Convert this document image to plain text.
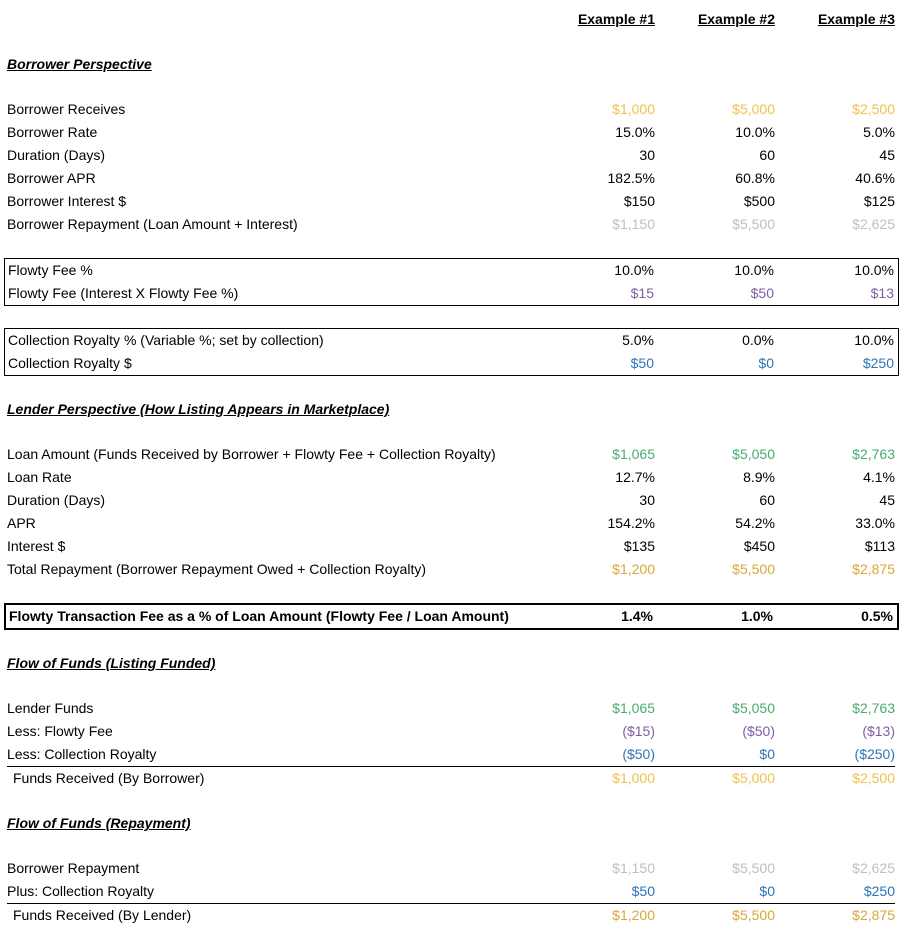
Example #1	Example #2	Example #3
Borrower Perspective
Borrower Receives	$1,000	$5,000	$2,500
Borrower Rate	15.0%	10.0%	5.0%
Duration (Days)	30	60	45
Borrower APR	182.5%	60.8%	40.6%
Borrower Interest $	$150	$500	$125
Borrower Repayment (Loan Amount + Interest)	$1,150	$5,500	$2,625
Flowty Fee %	10.0%	10.0%	10.0%
Flowty Fee (Interest X Flowty Fee %)	$15	$50	$13
Collection Royalty % (Variable %; set by collection)	5.0%	0.0%	10.0%
Collection Royalty $	$50	$0	$250
Lender Perspective (How Listing Appears in Marketplace)
Loan Amount (Funds Received by Borrower + Flowty Fee + Collection Royalty)	$1,065	$5,050	$2,763
Loan Rate	12.7%	8.9%	4.1%
Duration (Days)	30	60	45
APR	154.2%	54.2%	33.0%
Interest $	$135	$450	$113
Total Repayment (Borrower Repayment Owed + Collection Royalty)	$1,200	$5,500	$2,875
Flowty Transaction Fee as a % of Loan Amount (Flowty Fee / Loan Amount)	1.4%	1.0%	0.5%
Flow of Funds (Listing Funded)
Lender Funds	$1,065	$5,050	$2,763
Less: Flowty Fee	($15)	($50)	($13)
Less: Collection Royalty	($50)	$0	($250)
Funds Received (By Borrower)	$1,000	$5,000	$2,500
Flow of Funds (Repayment)
Borrower Repayment	$1,150	$5,500	$2,625
Plus: Collection Royalty	$50	$0	$250
Funds Received (By Lender)	$1,200	$5,500	$2,875
